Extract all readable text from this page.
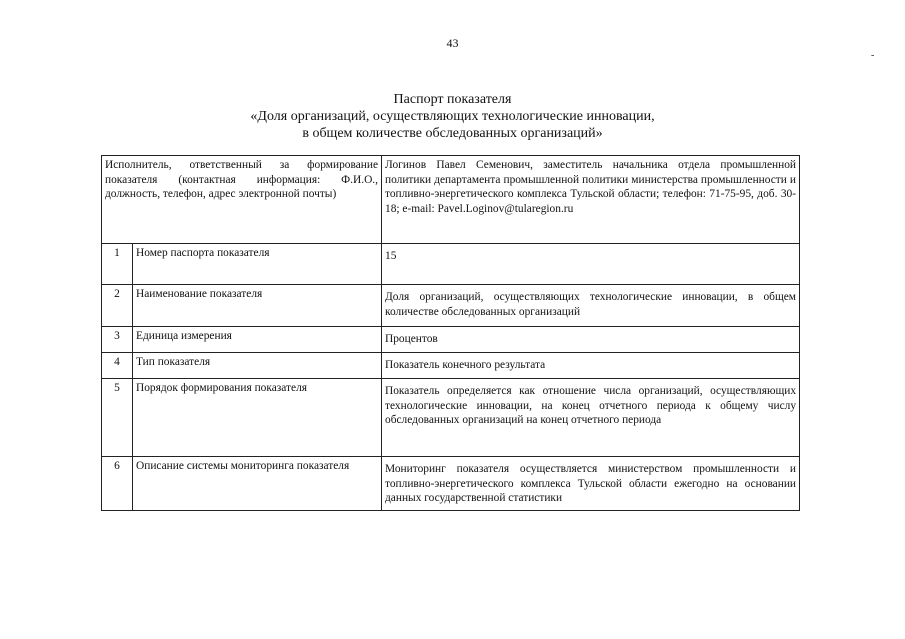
43
-
Паспорт показателя
«Доля организаций, осуществляющих технологические инновации,
в общем количестве обследованных организаций»
Исполнитель, ответственный за формирование показателя (контактная информация: Ф.И.О., должность, телефон, адрес электронной почты)		Логинов Павел Семенович, заместитель начальника отдела промышленной политики департамента промышленной политики министерства промышленности и топливно-энергетического комплекса Тульской области; телефон: 71-75-95, доб. 30-18; e-mail: Pavel.Loginov@tularegion.ru
1	Номер паспорта показателя	15
2	Наименование показателя	Доля организаций, осуществляющих технологические инновации, в общем количестве обследованных организаций
3	Единица измерения	Процентов
4	Тип показателя	Показатель конечного результата
5	Порядок формирования показателя	Показатель определяется как отношение числа организаций, осуществляющих технологические инновации, на конец отчетного периода к общему числу обследованных организаций на конец отчетного периода
6	Описание системы мониторинга показателя	Мониторинг показателя осуществляется министерством промышленности и топливно-энергетического комплекса Тульской области ежегодно на основании данных государственной статистики
